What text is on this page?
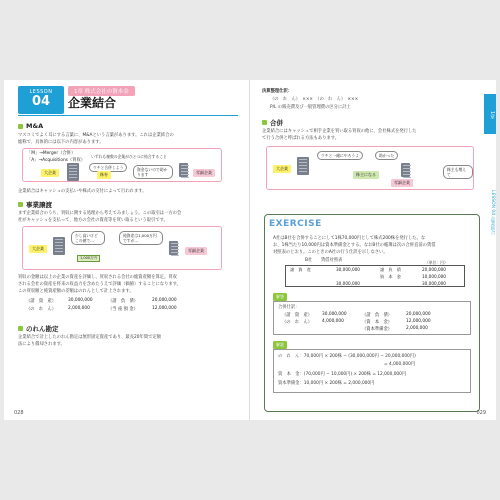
LESSON
04
1章 株式会社の資本金
企業結合
M&A
マスコミでよく耳にする言葉に、M&Aという言葉があります。これは企業結合の
総称で、具体的には以下の内容があります。
「M」→Merger（合併）
「A」→Acquisitions（買収）
いずれも複数の企業がひとつに結合すること
大企業
ウチと合併しよう
株券
資金ないので助かります	零細企業
企業結合はキャッシュの支払いや株式の交付によって行われます。
事業譲渡
まず企業結合のうち、買収に関する処理から考えてみましょう。この取引は一方の会
社がキャッシュを支払って、他方の会社の資産等を買い取るという取引です。
大企業
少し高いけどこの値で…
1,000万円
純資産は1,000万円ですが…
零細企業
買収の金額は以上の企業の資産を評価し、買収される会社の総資産額を算定。買収
される会社の資産を将来の収益力を含めたうえで評価（価値）することになります。
この買収額と純資産額の差額はのれんとして計上されます。
（諸　資　産）	30,000,000	（諸　負　債）	20,000,000
（の　れ　ん）	2,000,000	（当 座 預 金）	12,000,000
のれん勘定
企業結合で計上したのれん勘定は無形固定資産であり、最長20年間で定額
法により償却されます。
028
決算整理仕訳：
（の　れ　ん）　×××　（の　れ　ん）　×××
P/L の販売費及び一般管理費の区分に計上
合併
企業結合にはキャッシュで相手企業を買い取る買収の他に、会社株式を発行した
て行う合併と呼ばれる方法もあります。
大企業
ウチと一緒にやろうよ	助かった
株主になる
零細企業
株主も増えて
EXERCISE
A社はB社を合併することにして1株70,000円として株式200株を発行した。な
お、1株当たり10,000円は資本準備金とする。なおB社の帳簿は次の合併直前の貸借
対照表のとおり。このときのA社の行う仕訳を示しなさい。
B社　　貸借対照表	（単位：円）
諸　資　産	30,000,000	諸　負　債	20,000,000
資　本　金	10,000,000
30,000,000	30,000,000
解答
合併仕訳：
（諸　資　産）	30,000,000	（諸　負　債）	20,000,000
（の　れ　ん）	4,000,000	（資　本　金）	12,000,000
（資本準備金）	2,000,000
解説
の　れ　ん：70,000円 × 200株 − (30,000,000円 − 20,000,000円)
= 4,000,000円
資　本　金：(70,000円 − 10,000円) × 200株 = 12,000,000円
資本準備金：10,000円 × 200株 = 2,000,000円
1章
LESSON 04 企業結合
029
